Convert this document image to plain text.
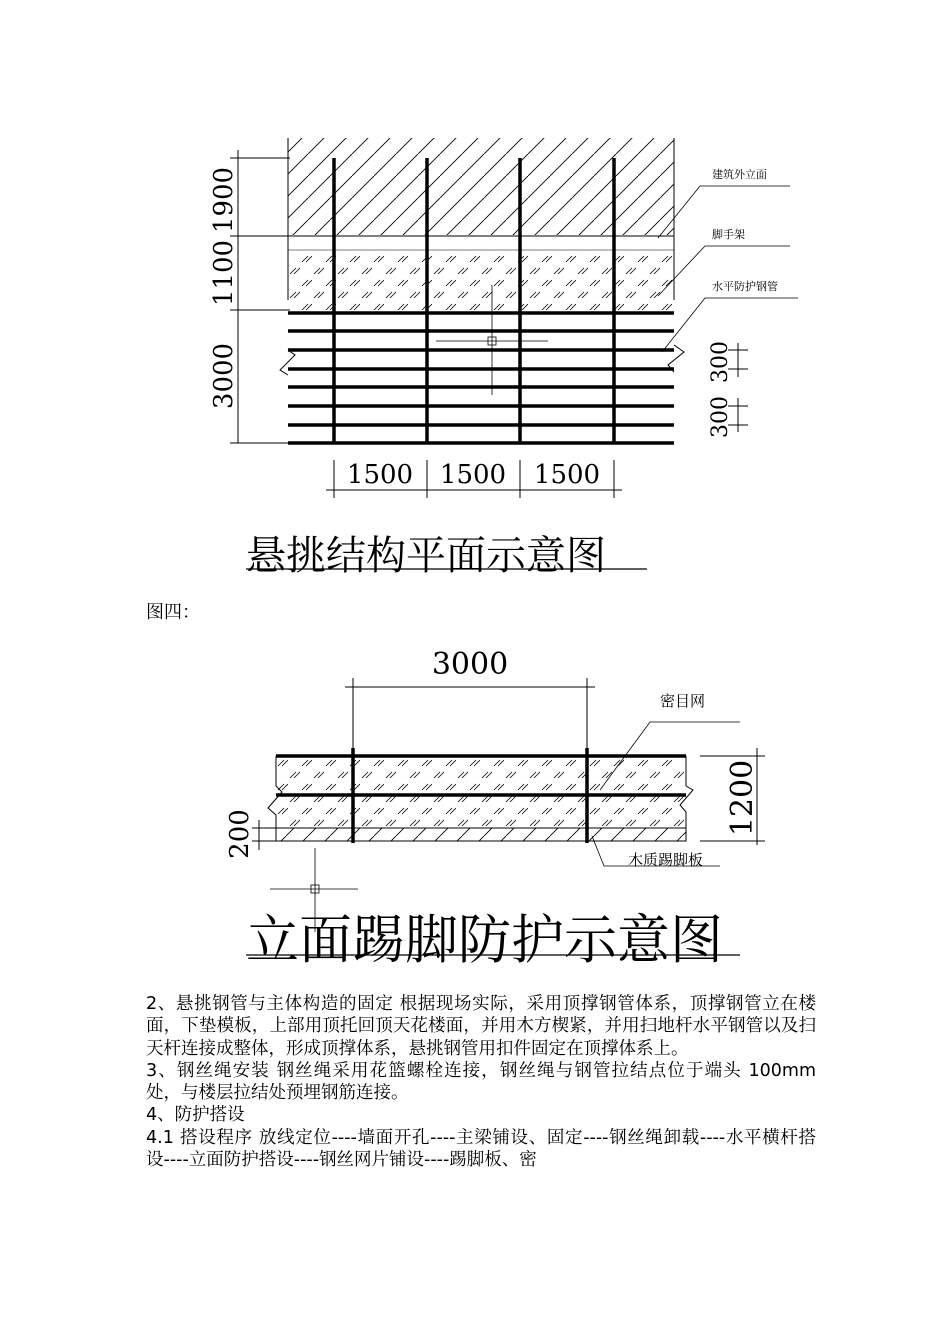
1900
1100
3000	300
300
1500 1500 1500
建筑外立面
脚手架
水平防护钢管
悬挑结构平面示意图
图四：
3000
1200
200
密目网
木质踢脚板
立面踢脚防护示意图

2、悬挑钢管与主体构造的固定 根据现场实际，采用顶撑钢管体系，顶撑钢管立在楼面，下垫模板，上部用顶托回顶天花楼面，并用木方楔紧，并用扫地杆水平钢管以及扫天杆连接成整体，形成顶撑体系，悬挑钢管用扣件固定在顶撑体系上。

3、钢丝绳安装 钢丝绳采用花篮螺栓连接，钢丝绳与钢管拉结点位于端头 100mm 处，与楼层拉结处预埋钢筋连接。

4、防护搭设

4.1 搭设程序 放线定位----墙面开孔----主梁铺设、固定----钢丝绳卸载----水平横杆搭设----立面防护搭设----钢丝网片铺设----踢脚板、密
